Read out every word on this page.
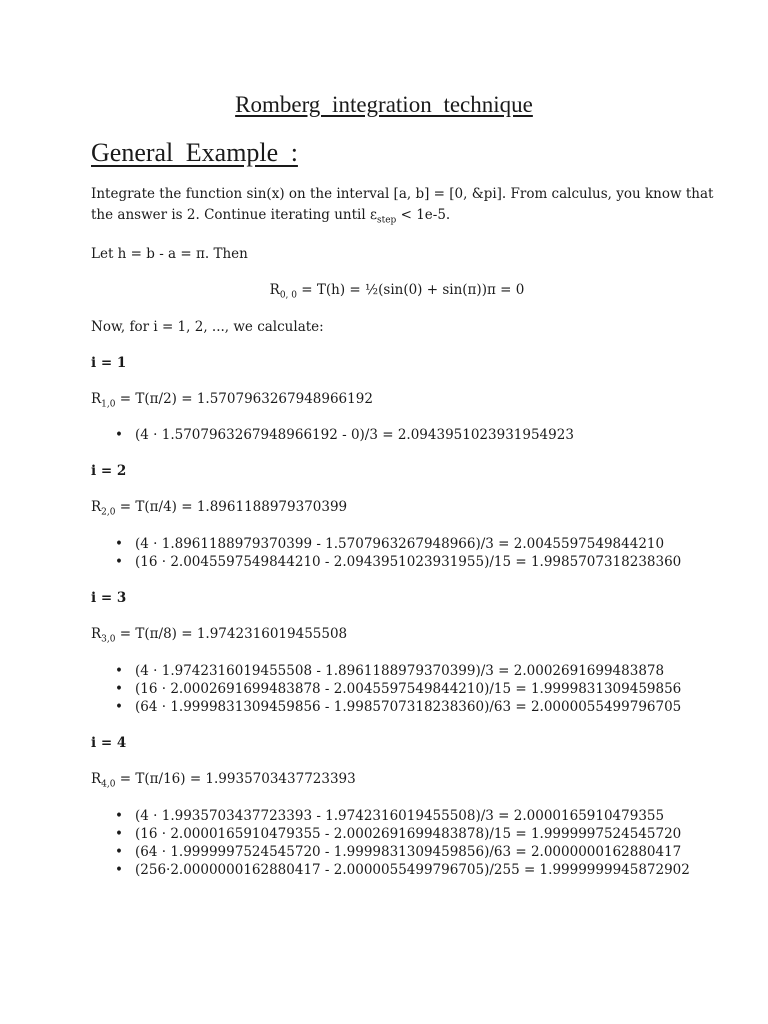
Romberg integration technique
General Example :
Integrate the function sin(x) on the interval [a, b] = [0, &pi]. From calculus, you know that
the answer is 2. Continue iterating until $\varepsilon_{step} < 1e-5$.
Let h = b - a = π. Then
$R_{0, 0} = T(h)$ = ½(sin(0) + sin(π))π = 0
Now, for i = 1, 2, ..., we calculate:
i = 1
$R_{1,0} = T(\pi/2) = 1.5707963267948966192$
• (4 · 1.5707963267948966192 - 0)/3 = 2.0943951023931954923
i = 2
$R_{2,0} = T(\pi/4) = 1.8961188979370399$
• (4 · 1.8961188979370399 - 1.5707963267948966)/3 = 2.0045597549844210
• (16 · 2.0045597549844210 - 2.0943951023931955)/15 = 1.9985707318238360
i = 3
$R_{3,0} = T(\pi/8) = 1.9742316019455508$
• (4 · 1.9742316019455508 - 1.8961188979370399)/3 = 2.0002691699483878
• (16 · 2.0002691699483878 - 2.0045597549844210)/15 = 1.9999831309459856
• (64 · 1.9999831309459856 - 1.9985707318238360)/63 = 2.0000055499796705
i = 4
$R_{4,0} = T(\pi/16) = 1.9935703437723393$
• (4 · 1.9935703437723393 - 1.9742316019455508)/3 = 2.0000165910479355
• (16 · 2.0000165910479355 - 2.0002691699483878)/15 = 1.9999997524545720
• (64 · 1.9999997524545720 - 1.9999831309459856)/63 = 2.0000000162880417
• (256·2.0000000162880417 - 2.0000055499796705)/255 = 1.9999999945872902
